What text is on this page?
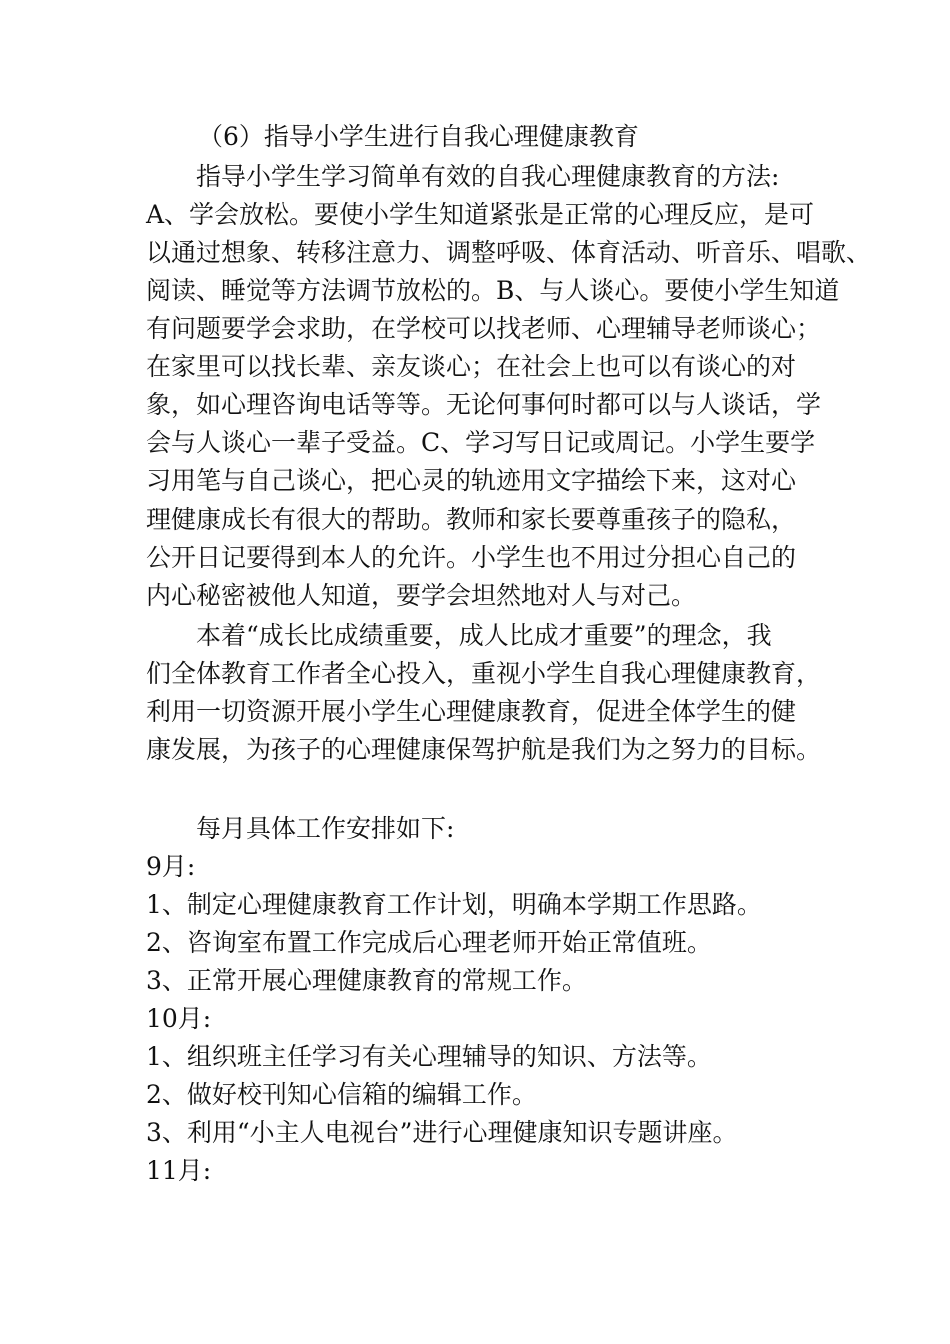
（6）指导小学生进行自我心理健康教育
指导小学生学习简单有效的自我心理健康教育的方法:
A、学会放松。要使小学生知道紧张是正常的心理反应，是可
以通过想象、转移注意力、调整呼吸、体育活动、听音乐、唱歌、
阅读、睡觉等方法调节放松的。B、与人谈心。要使小学生知道
有问题要学会求助，在学校可以找老师、心理辅导老师谈心；
在家里可以找长辈、亲友谈心；在社会上也可以有谈心的对
象，如心理咨询电话等等。无论何事何时都可以与人谈话，学
会与人谈心一辈子受益。C、学习写日记或周记。小学生要学
习用笔与自己谈心，把心灵的轨迹用文字描绘下来，这对心
理健康成长有很大的帮助。教师和家长要尊重孩子的隐私，
公开日记要得到本人的允许。小学生也不用过分担心自己的
内心秘密被他人知道，要学会坦然地对人与对己。
本着“成长比成绩重要，成人比成才重要”的理念，我
们全体教育工作者全心投入，重视小学生自我心理健康教育，
利用一切资源开展小学生心理健康教育，促进全体学生的健
康发展，为孩子的心理健康保驾护航是我们为之努力的目标。
每月具体工作安排如下:
9月:
1、制定心理健康教育工作计划，明确本学期工作思路。
2、咨询室布置工作完成后心理老师开始正常值班。
3、正常开展心理健康教育的常规工作。
10月:
1、组织班主任学习有关心理辅导的知识、方法等。
2、做好校刊知心信箱的编辑工作。
3、利用“小主人电视台”进行心理健康知识专题讲座。
11月:
